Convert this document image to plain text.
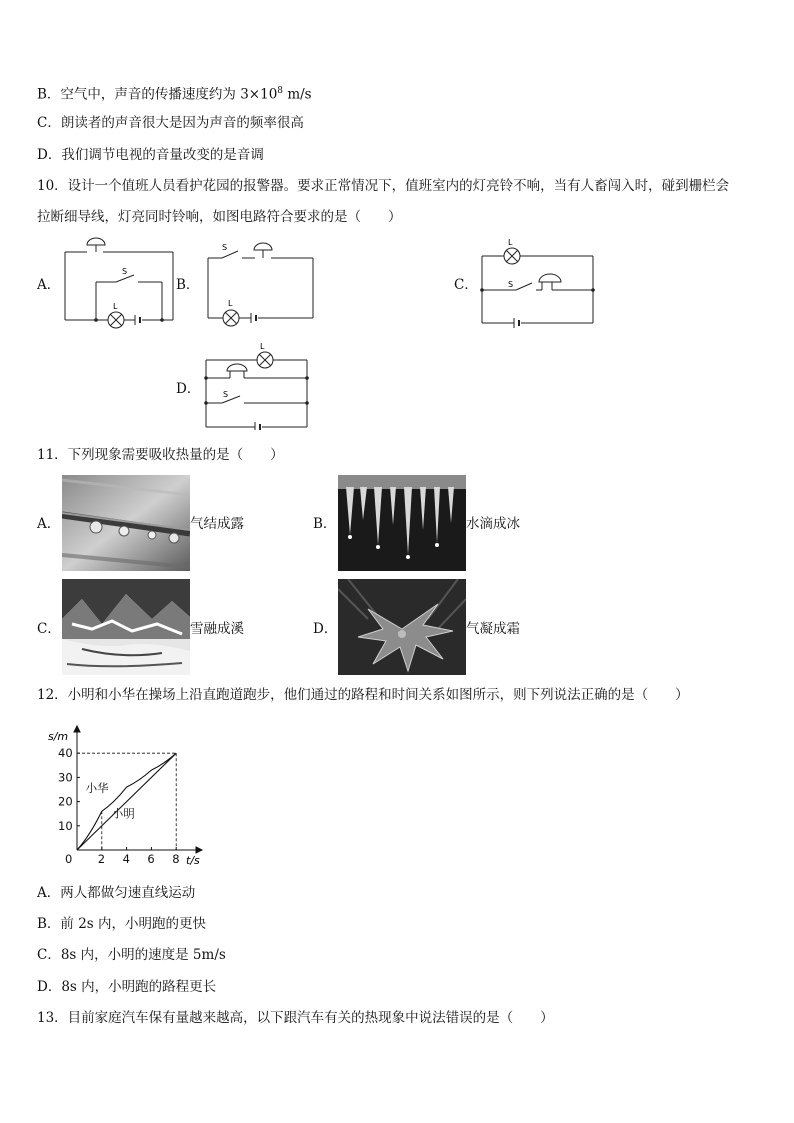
B．空气中，声音的传播速度约为 $3\times 10^8$ m/s
C．朗读者的声音很大是因为声音的频率很高
D．我们调节电视的音量改变的是音调
10．设计一个值班人员看护花园的报警器。要求正常情况下，值班室内的灯亮铃不响，当有人畜闯入时，碰到栅栏会
拉断细导线，灯亮同时铃响，如图电路符合要求的是（　　）
A．	B．	C．
D．
S
L
S
L
L
S
L
S
11．下列现象需要吸收热量的是（　　）
A．	气结成露	B．	水滴成冰
C．	雪融成溪	D．	气凝成霜
12．小明和小华在操场上沿直跑道跑步，他们通过的路程和时间关系如图所示，则下列说法正确的是（　　）
0 2 4 6 8
10
20
30
40
小华
小明
s/m
t/s
A．两人都做匀速直线运动
B．前 2s 内，小明跑的更快
C．8s 内，小明的速度是 5m/s
D．8s 内，小明跑的路程更长
13．目前家庭汽车保有量越来越高，以下跟汽车有关的热现象中说法错误的是（　　）
